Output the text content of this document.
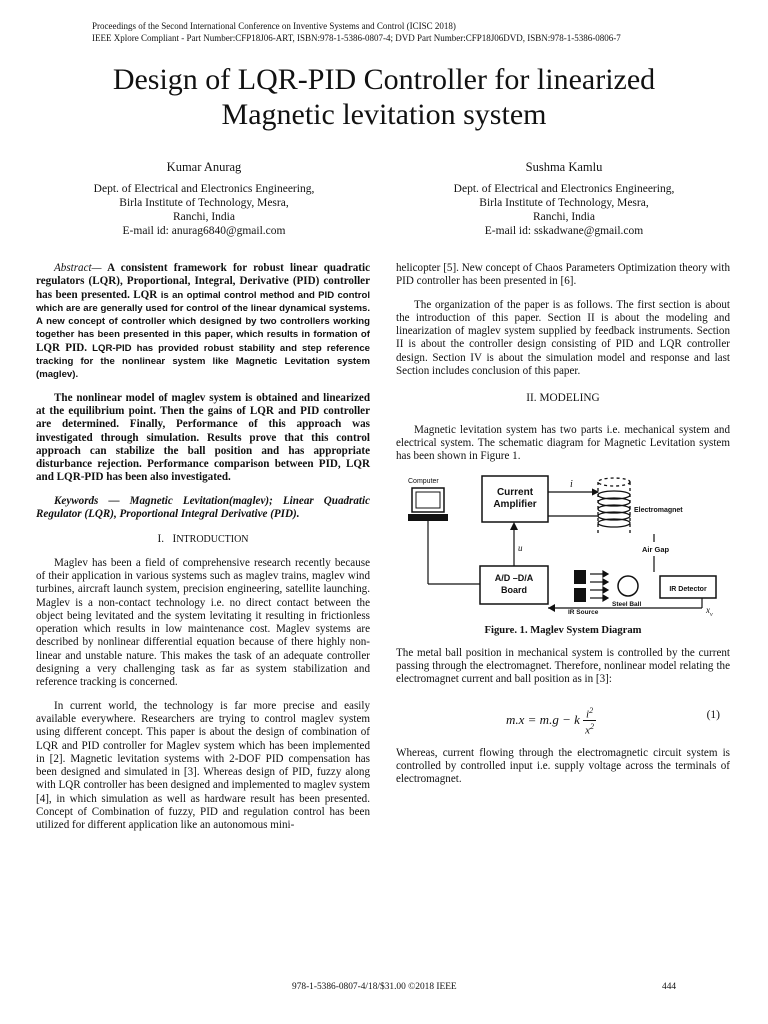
Proceedings of the Second International Conference on Inventive Systems and Control (ICISC 2018)
IEEE Xplore Compliant - Part Number:CFP18J06-ART, ISBN:978-1-5386-0807-4; DVD Part Number:CFP18J06DVD, ISBN:978-1-5386-0806-7
Design of LQR-PID Controller for linearized
Magnetic levitation system
Kumar Anurag
Dept. of Electrical and Electronics Engineering,
Birla Institute of Technology, Mesra,
Ranchi, India
E-mail id: anurag6840@gmail.com
Sushma Kamlu
Dept. of Electrical and Electronics Engineering,
Birla Institute of Technology, Mesra,
Ranchi, India
E-mail id: sskadwane@gmail.com

Abstract— A consistent framework for robust linear quadratic regulators (LQR), Proportional, Integral, Derivative (PID) controller has been presented. LQR is an optimal control method and PID control which are are generally used for control of the linear dynamical systems. A new concept of controller which designed by two controllers working together has been presented in this paper, which results in formation of LQR PID. LQR-PID has provided robust stability and step reference tracking for the nonlinear system like Magnetic Levitation system (maglev).

The nonlinear model of maglev system is obtained and linearized at the equilibrium point. Then the gains of LQR and PID controller are determined. Finally, Performance of this approach was investigated through simulation. Results prove that this control approach can stabilize the ball position and has appropriate disturbance rejection. Performance comparison between PID, LQR and LQR-PID has been also investigated.

Keywords — Magnetic Levitation(maglev); Linear Quadratic Regulator (LQR), Proportional Integral Derivative (PID).

I. INTRODUCTION

Maglev has been a field of comprehensive research recently because of their application in various systems such as maglev trains, maglev wind turbines, aircraft launch system, precision engineering, satellite launching. Maglev is a non-contact technology i.e. no direct contact between the object being levitated and the system levitating it resulting in frictionless operation which results in low maintenance cost. Maglev systems are described by nonlinear differential equation because of there highly non-linear and unstable nature. This makes the task of an adequate controller designing a very challenging task as far as system stabilization and reference tracking is concerned.

In current world, the technology is far more precise and easily available everywhere. Researchers are trying to control maglev system using different concept. This paper is about the design of combination of LQR and PID controller for Maglev system which has been implemented in [2]. Magnetic levitation systems with 2-DOF PID compensation has been designed and simulated in [3]. Whereas design of PID, fuzzy along with LQR controller has been designed and implemented to maglev system [4], in which simulation as well as hardware result has been presented. Concept of Combination of fuzzy, PID and regulation control has been utilized for different application like an autonomous mini-

helicopter [5]. New concept of Chaos Parameters Optimization theory with PID controller has been presented in [6].

The organization of the paper is as follows. The first section is about the introduction of this paper. Section II is about the modeling and linearization of maglev system supplied by feedback instruments. Section II is about the controller design consisting of PID and LQR controller design. Section IV is about the simulation model and response and last Section includes conclusion of this paper.

II. MODELING

Magnetic levitation system has two parts i.e. mechanical system and electrical system. The schematic diagram for Magnetic Levitation system has been shown in Figure 1.

Computer
Current
Amplifier
i
Electromagnet
Air Gap
u
A/D –D/A
Board
Steel Ball
IR Source
IR Detector
$x_v$
Figure. 1. Maglev System Diagram

The metal ball position in mechanical system is controlled by the current passing through the electromagnet. Therefore, nonlinear model relating the electromagnet current and ball position as in [3]:

m.x = m.g − k $\frac{i^2}{x^2}$	(1)

Whereas, current flowing through the electromagnetic circuit system is controlled by controlled input i.e. supply voltage across the terminals of electromagnet.

978-1-5386-0807-4/18/$31.00 ©2018 IEEE	444
